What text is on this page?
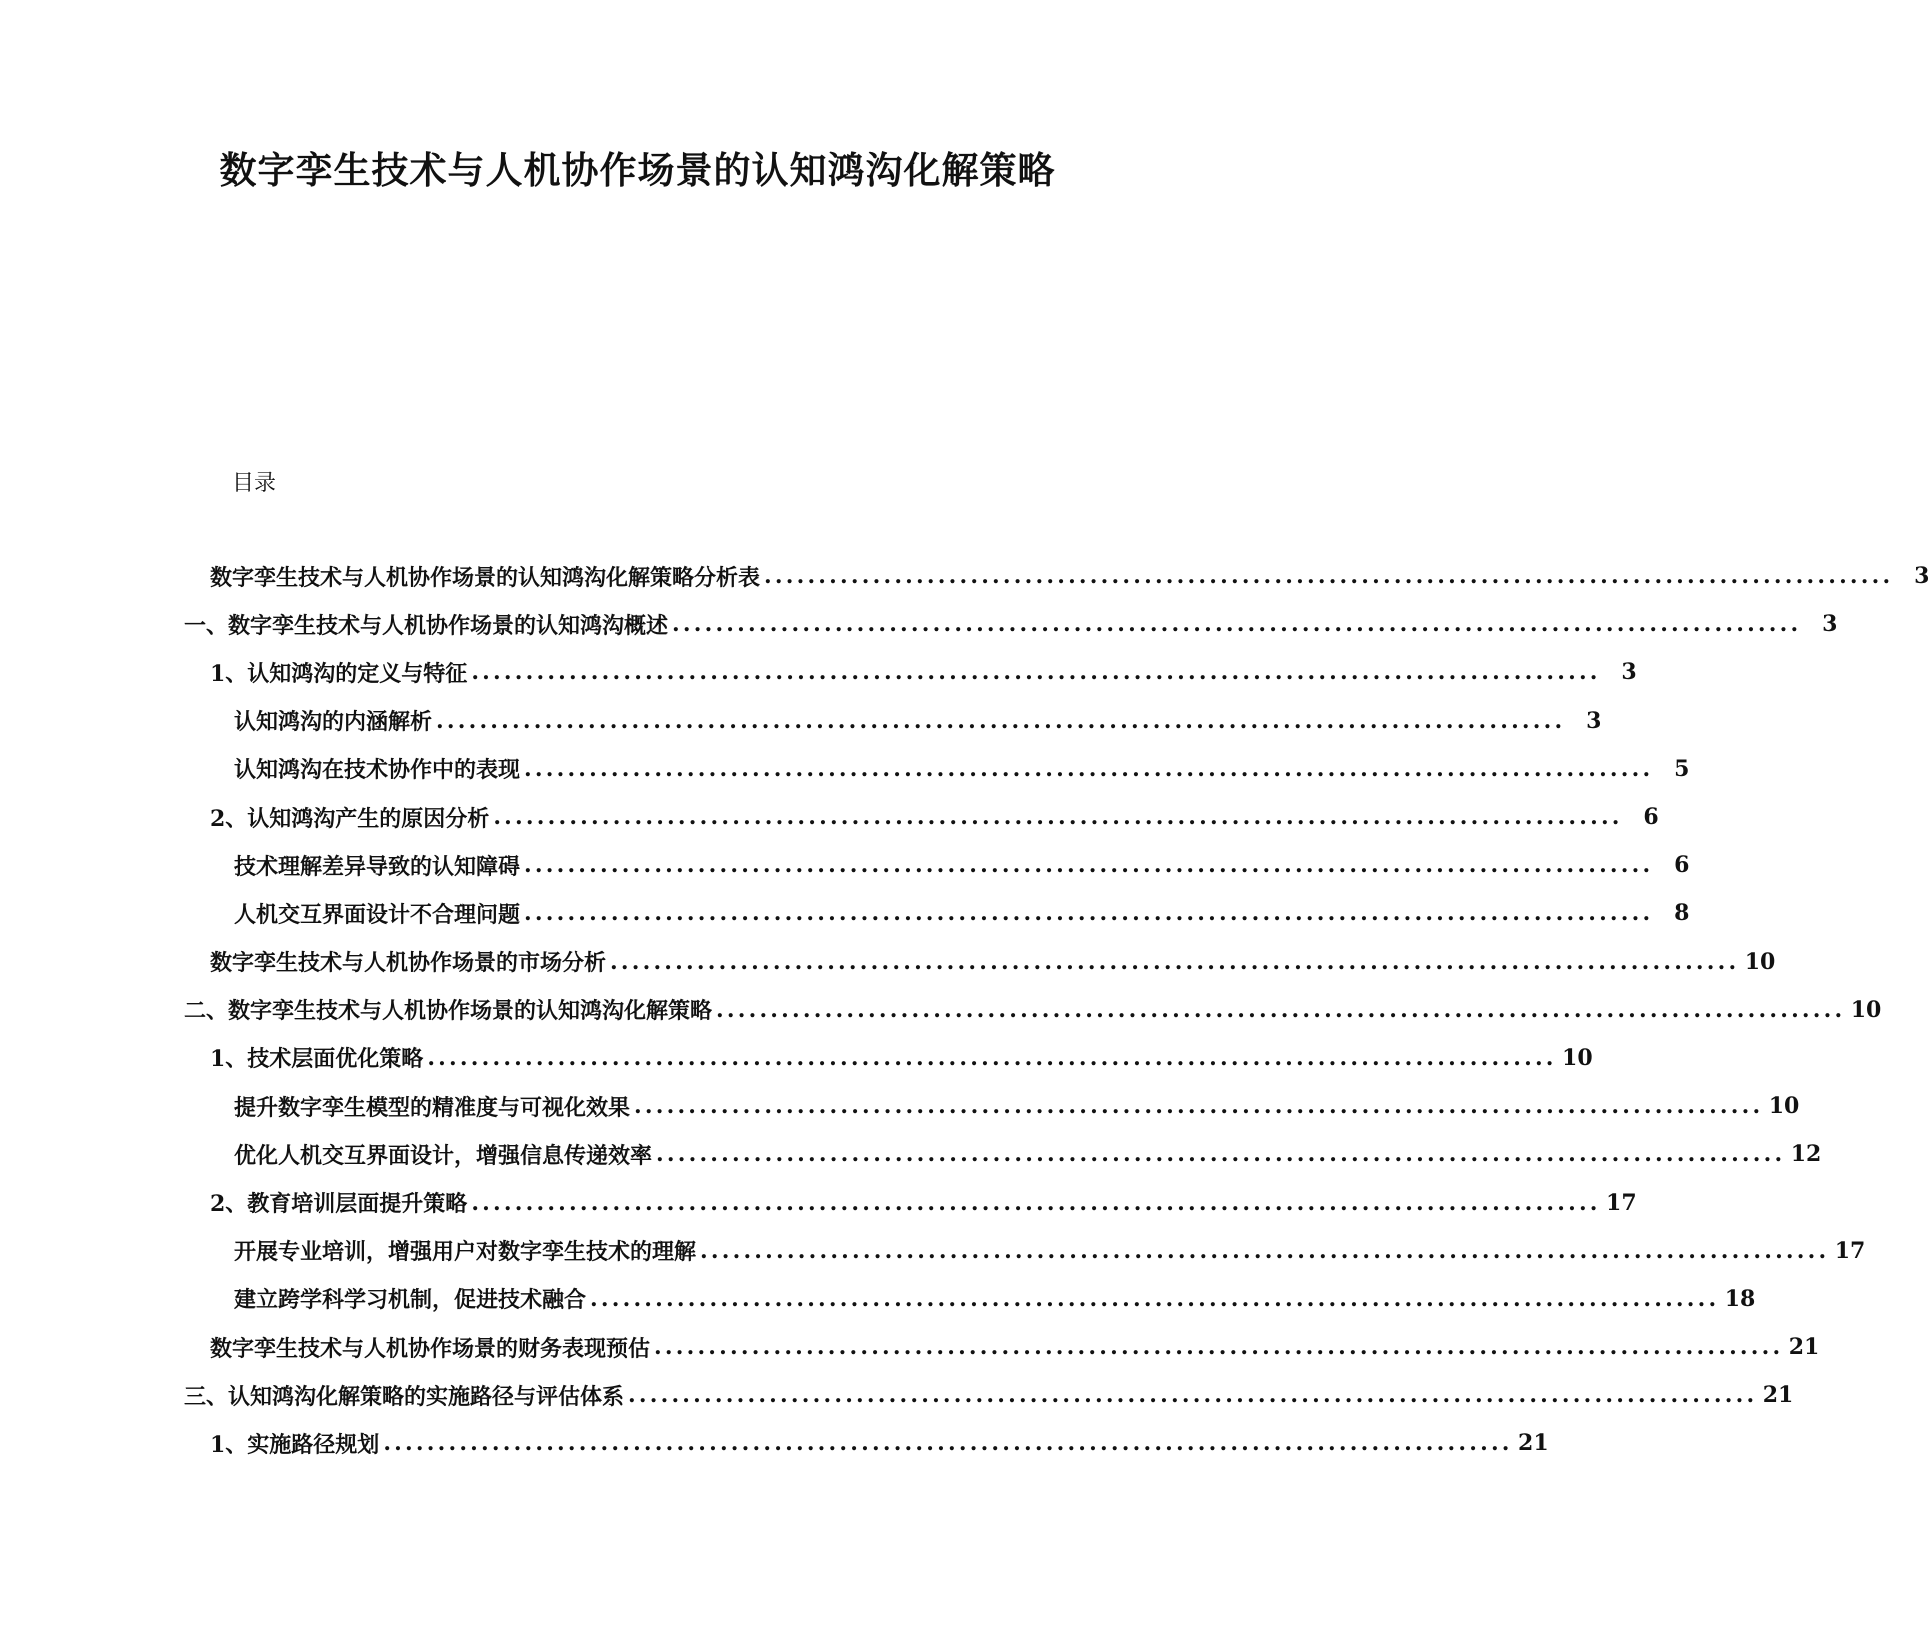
数字孪生技术与人机协作场景的认知鸿沟化解策略
目录
数字孪生技术与人机协作场景的认知鸿沟化解策略分析表 ........................................................................................................ 3
一、数字孪生技术与人机协作场景的认知鸿沟概述 ........................................................................................................ 3
1、认知鸿沟的定义与特征 ........................................................................................................ 3
认知鸿沟的内涵解析 ........................................................................................................ 3
认知鸿沟在技术协作中的表现 ........................................................................................................ 5
2、认知鸿沟产生的原因分析 ........................................................................................................ 6
技术理解差异导致的认知障碍 ........................................................................................................ 6
人机交互界面设计不合理问题 ........................................................................................................ 8
数字孪生技术与人机协作场景的市场分析 ........................................................................................................ 10
二、数字孪生技术与人机协作场景的认知鸿沟化解策略 ........................................................................................................ 10
1、技术层面优化策略 ........................................................................................................ 10
提升数字孪生模型的精准度与可视化效果 ........................................................................................................ 10
优化人机交互界面设计，增强信息传递效率 ........................................................................................................ 12
2、教育培训层面提升策略 ........................................................................................................ 17
开展专业培训，增强用户对数字孪生技术的理解 ........................................................................................................ 17
建立跨学科学习机制，促进技术融合 ........................................................................................................ 18
数字孪生技术与人机协作场景的财务表现预估 ........................................................................................................ 21
三、认知鸿沟化解策略的实施路径与评估体系 ........................................................................................................ 21
1、实施路径规划 ........................................................................................................ 21
